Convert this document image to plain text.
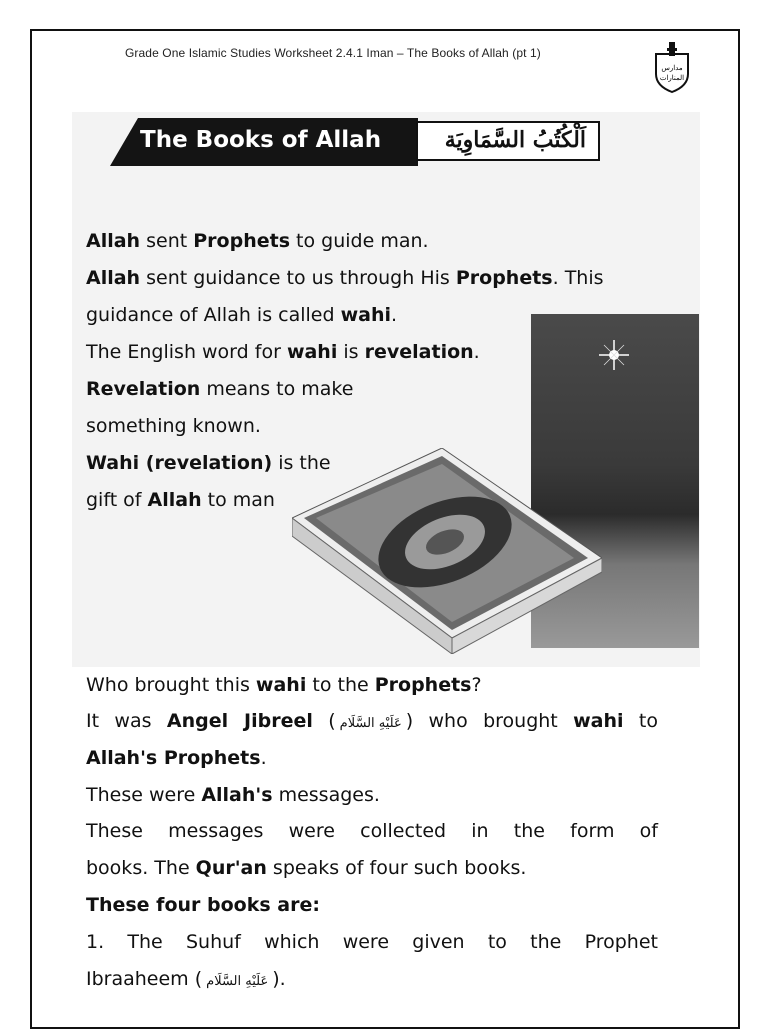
Grade One Islamic Studies Worksheet 2.4.1 Iman – The Books of Allah (pt 1)
مدارس
المنارات
The Books of Allah	اَلْكُتُبُ السَّمَاوِيَة
Allah sent Prophets to guide man.
Allah sent guidance to us through His Prophets. This
guidance of Allah is called wahi.
The English word for wahi is revelation.
Revelation means to make
something known.
Wahi (revelation) is the
gift of Allah to man
Who brought this wahi to the Prophets?
It was Angel Jibreel ( عَلَيْهِ السَّلَام ) who brought wahi to
Allah's Prophets.
These were Allah's messages.
These messages were collected in the form of
books. The Qur'an speaks of four such books.
These four books are:
1. The Suhuf which were given to the Prophet
Ibraaheem ( عَلَيْهِ السَّلَام ).
